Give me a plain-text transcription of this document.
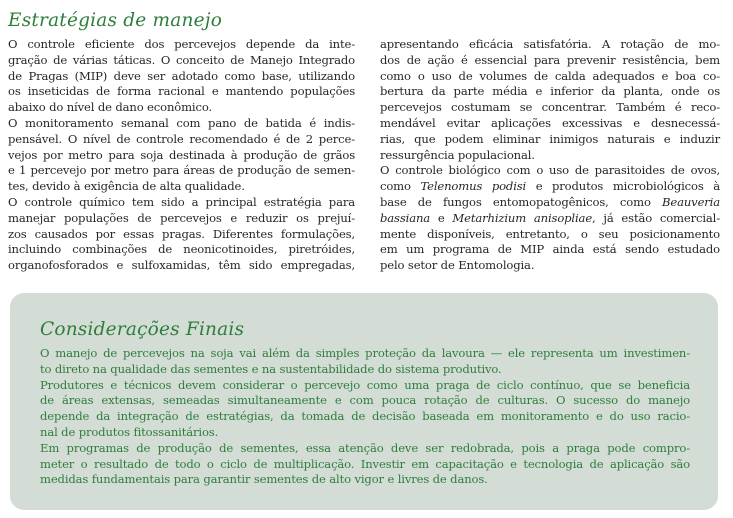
Estratégias de manejo
O controle eficiente dos percevejos depende da inte-
gração de várias táticas. O conceito de Manejo Integrado
de Pragas (MIP) deve ser adotado como base, utilizando
os inseticidas de forma racional e mantendo populações
abaixo do nível de dano econômico.
O monitoramento semanal com pano de batida é indis-
pensável. O nível de controle recomendado é de 2 perce-
vejos por metro para soja destinada à produção de grãos
e 1 percevejo por metro para áreas de produção de semen-
tes, devido à exigência de alta qualidade.
O controle químico tem sido a principal estratégia para
manejar populações de percevejos e reduzir os prejuí-
zos causados por essas pragas. Diferentes formulações,
incluindo combinações de neonicotinoides, piretróides,
organofosforados e sulfoxamidas, têm sido empregadas,
apresentando eficácia satisfatória. A rotação de mo-
dos de ação é essencial para prevenir resistência, bem
como o uso de volumes de calda adequados e boa co-
bertura da parte média e inferior da planta, onde os
percevejos costumam se concentrar. Também é reco-
mendável evitar aplicações excessivas e desnecessá-
rias, que podem eliminar inimigos naturais e induzir
ressurgência populacional.
O controle biológico com o uso de parasitoides de ovos,
como Telenomus podisi e produtos microbiológicos à
base de fungos entomopatogênicos, como Beauveria
bassiana e Metarhizium anisopliae, já estão comercial-
mente disponíveis, entretanto, o seu posicionamento
em um programa de MIP ainda está sendo estudado
pelo setor de Entomologia.
Considerações Finais
O manejo de percevejos na soja vai além da simples proteção da lavoura — ele representa um investimen-
to direto na qualidade das sementes e na sustentabilidade do sistema produtivo.
Produtores e técnicos devem considerar o percevejo como uma praga de ciclo contínuo, que se beneficia
de áreas extensas, semeadas simultaneamente e com pouca rotação de culturas. O sucesso do manejo
depende da integração de estratégias, da tomada de decisão baseada em monitoramento e do uso racio-
nal de produtos fitossanitários.
Em programas de produção de sementes, essa atenção deve ser redobrada, pois a praga pode compro-
meter o resultado de todo o ciclo de multiplicação. Investir em capacitação e tecnologia de aplicação são
medidas fundamentais para garantir sementes de alto vigor e livres de danos.
